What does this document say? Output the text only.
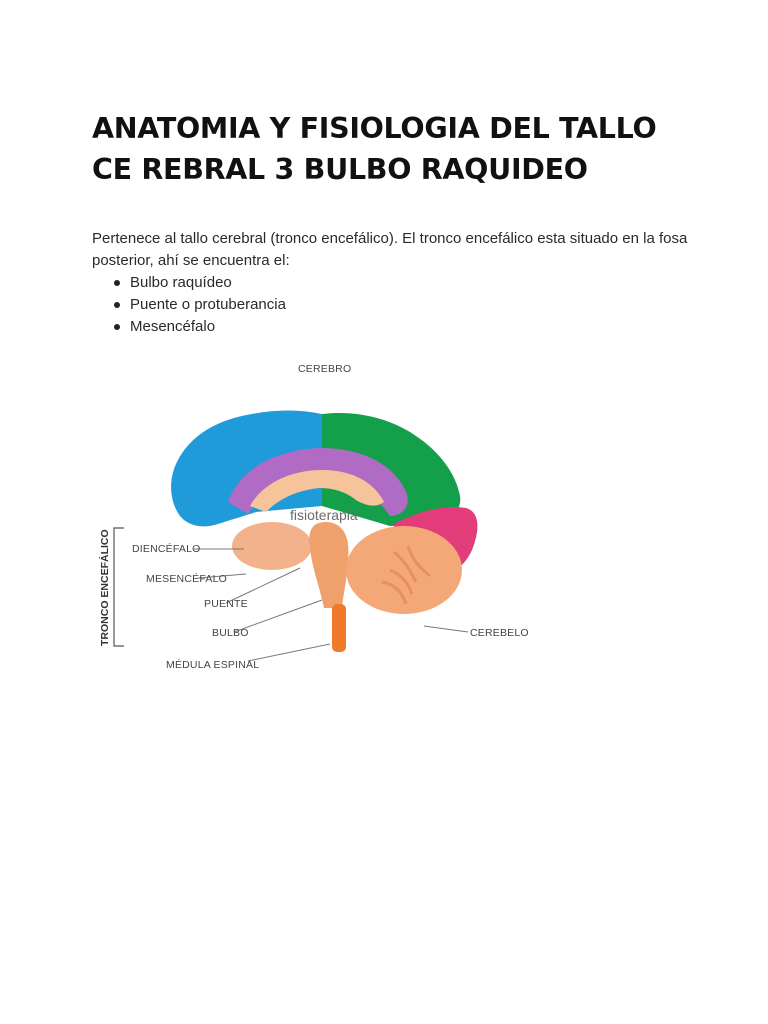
ANATOMIA Y FISIOLOGIA DEL TALLO CE REBRAL 3 BULBO RAQUIDEO

Pertenece al tallo cerebral (tronco encefálico). El tronco encefálico esta situado en la fosa posterior, ahí se encuentra el:

Bulbo raquídeo
Puente o protuberancia
Mesencéfalo
CEREBRO
DIENCÉFALO
MESENCÉFALO
PUENTE
BULBO
MÉDULA ESPINAL
CEREBELO
TRONCO ENCEFÁLICO
fisioterapia
